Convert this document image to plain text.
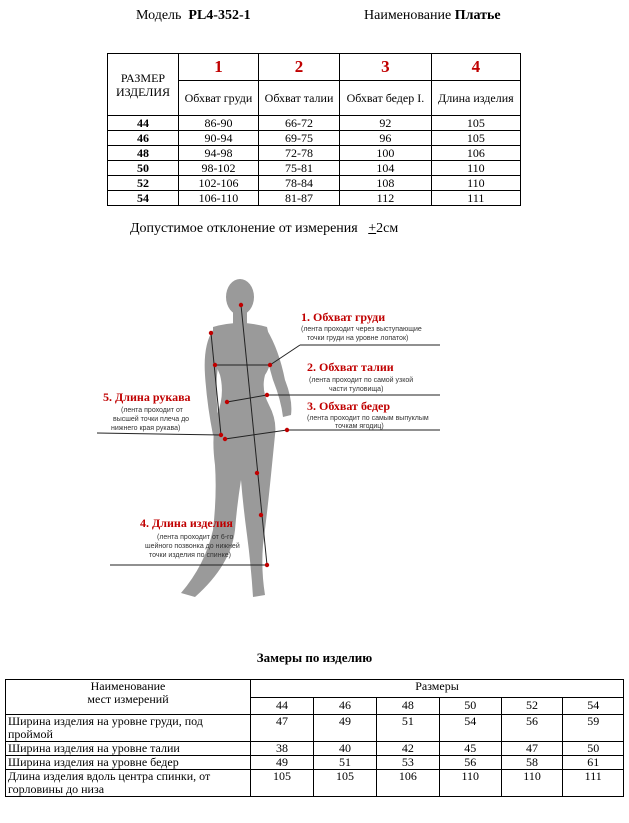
Модель PL4-352-1	Наименование Платье
РАЗМЕР ИЗДЕЛИЯ	1	2	3	4
	Обхват груди	Обхват талии	Обхват бедер I.	Длина изделия
44	86-90	66-72	92	105
46	90-94	69-75	96	105
48	94-98	72-78	100	106
50	98-102	75-81	104	110
52	102-106	78-84	108	110
54	106-110	81-87	112	111
Допустимое отклонение от измерения +2см
1. Обхват груди
(лента проходит через выступающие
точки груди на уровне лопаток)
2. Обхват талии
(лента проходит по самой узкой
части туловища)
3. Обхват бедер
(лента проходит по самым выпуклым
точкам ягодиц)
5. Длина рукава
(лента проходит от
высшей точки плеча до
нижнего края рукава)
4. Длина изделия
(лента проходит от 6-го
шейного позвонка до нижней
точки изделия по спинке)
Замеры по изделию
Наименование
мест измерений	Размеры					
	44	46	48	50	52	54
Ширина изделия на уровне груди, под проймой	47	49	51	54	56	59
Ширина изделия на уровне талии	38	40	42	45	47	50
Ширина изделия на уровне бедер	49	51	53	56	58	61
Длина изделия вдоль центра спинки, от горловины до низа	105	105	106	110	110	111
